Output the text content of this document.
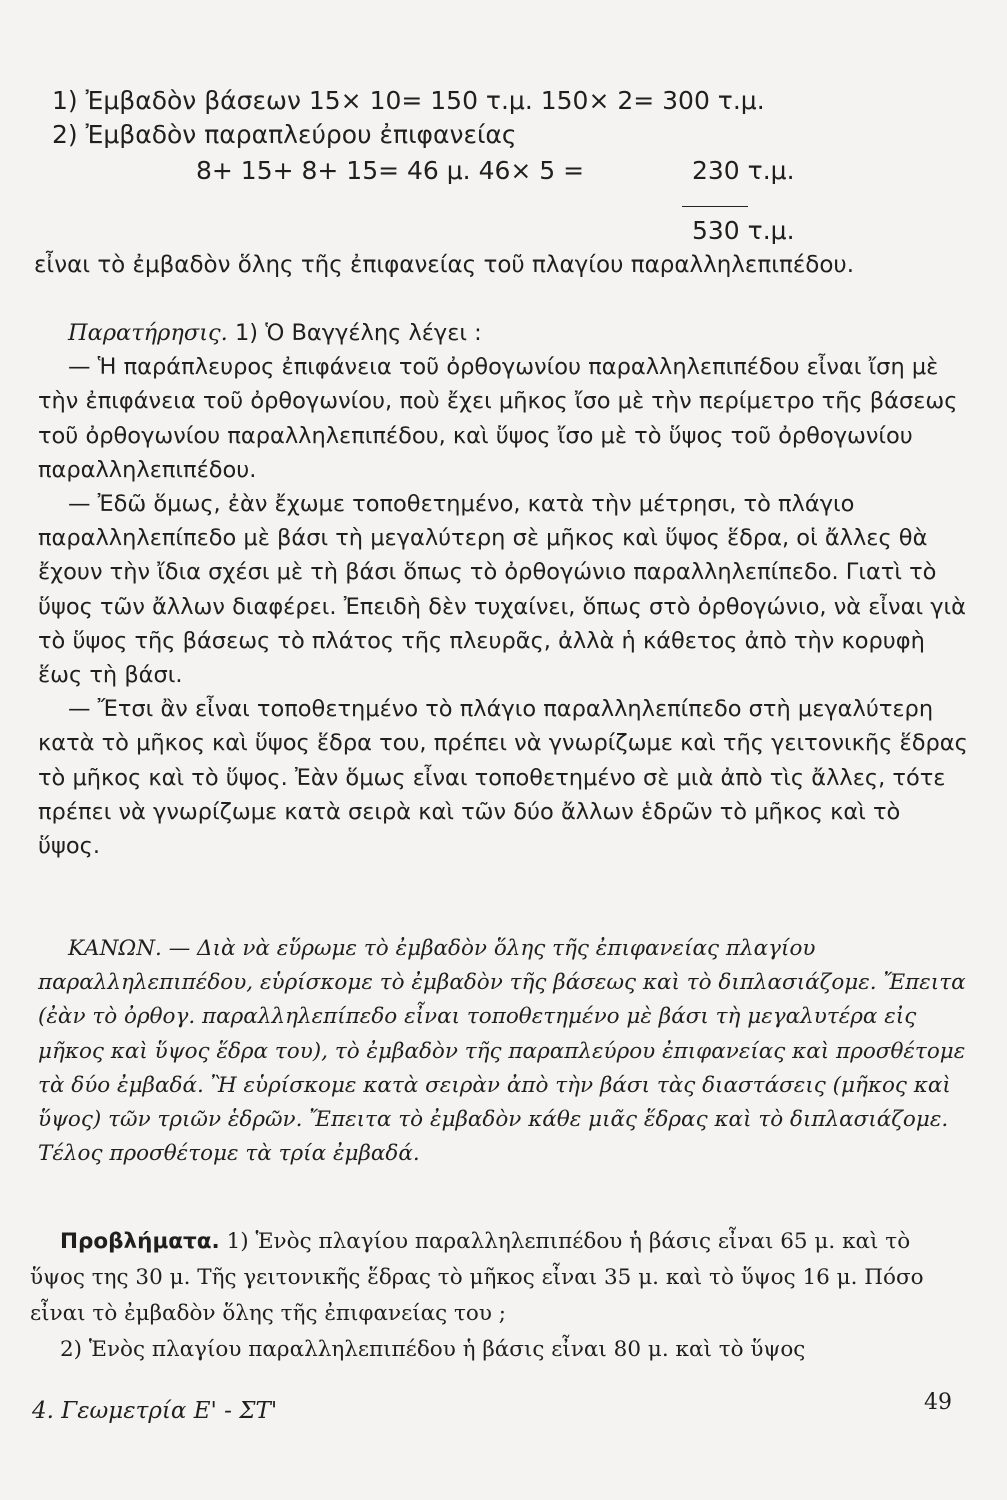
1) Ἐμβαδὸν βάσεων 15× 10= 150 τ.μ. 150× 2= 300 τ.μ.
2) Ἐμβαδὸν παραπλεύρου ἐπιφανείας
8+ 15+ 8+ 15= 46 μ. 46× 5 =	230 τ.μ.
530 τ.μ.
εἶναι τὸ ἐμβαδὸν ὅλης τῆς ἐπιφανείας τοῦ πλαγίου παραλληλεπιπέδου.

Παρατήρησις. 1) Ὁ Βαγγέλης λέγει :

— Ἡ παράπλευρος ἐπιφάνεια τοῦ ὀρθογωνίου παραλληλεπιπέδου εἶναι ἴση μὲ τὴν ἐπιφάνεια τοῦ ὀρθογωνίου, ποὺ ἔχει μῆκος ἴσο μὲ τὴν περίμετρο τῆς βάσεως τοῦ ὀρθογωνίου παραλληλεπιπέδου, καὶ ὕψος ἴσο μὲ τὸ ὕψος τοῦ ὀρθογωνίου παραλληλεπιπέδου.

— Ἐδῶ ὅμως, ἐὰν ἔχωμε τοποθετημένο, κατὰ τὴν μέτρησι, τὸ πλάγιο παραλληλεπίπεδο μὲ βάσι τὴ μεγαλύτερη σὲ μῆκος καὶ ὕψος ἕδρα, οἱ ἄλλες θὰ ἔχουν τὴν ἴδια σχέσι μὲ τὴ βάσι ὅπως τὸ ὀρθογώνιο παραλληλεπίπεδο. Γιατὶ τὸ ὕψος τῶν ἄλλων διαφέρει. Ἐπειδὴ δὲν τυχαίνει, ὅπως στὸ ὀρθογώνιο, νὰ εἶναι γιὰ τὸ ὕψος τῆς βάσεως τὸ πλάτος τῆς πλευρᾶς, ἀλλὰ ἡ κάθετος ἀπὸ τὴν κορυφὴ ἕως τὴ βάσι.

— Ἔτσι ἂν εἶναι τοποθετημένο τὸ πλάγιο παραλληλεπίπεδο στὴ μεγαλύτερη κατὰ τὸ μῆκος καὶ ὕψος ἕδρα του, πρέπει νὰ γνωρίζωμε καὶ τῆς γειτονικῆς ἕδρας τὸ μῆκος καὶ τὸ ὕψος. Ἐὰν ὅμως εἶναι τοποθετημένο σὲ μιὰ ἀπὸ τὶς ἄλλες, τότε πρέπει νὰ γνωρίζωμε κατὰ σειρὰ καὶ τῶν δύο ἄλλων ἑδρῶν τὸ μῆκος καὶ τὸ ὕψος.

ΚΑΝΩΝ. — Διὰ νὰ εὕρωμε τὸ ἐμβαδὸν ὅλης τῆς ἐπιφανείας πλαγίου παραλληλεπιπέδου, εὑρίσκομε τὸ ἐμβαδὸν τῆς βάσεως καὶ τὸ διπλασιάζομε. Ἔπειτα (ἐὰν τὸ ὀρθογ. παραλληλεπίπεδο εἶναι τοποθετημένο μὲ βάσι τὴ μεγαλυτέρα εἰς μῆκος καὶ ὕψος ἕδρα του), τὸ ἐμβαδὸν τῆς παραπλεύρου ἐπιφανείας καὶ προσθέτομε τὰ δύο ἐμβαδά. Ἢ εὑρίσκομε κατὰ σειρὰν ἀπὸ τὴν βάσι τὰς διαστάσεις (μῆκος καὶ ὕψος) τῶν τριῶν ἑδρῶν. Ἔπειτα τὸ ἐμβαδὸν κάθε μιᾶς ἕδρας καὶ τὸ διπλασιάζομε. Τέλος προσθέτομε τὰ τρία ἐμβαδά.

Προβλήματα. 1) Ἑνὸς πλαγίου παραλληλεπιπέδου ἡ βάσις εἶναι 65 μ. καὶ τὸ ὕψος της 30 μ. Τῆς γειτονικῆς ἕδρας τὸ μῆκος εἶναι 35 μ. καὶ τὸ ὕψος 16 μ. Πόσο εἶναι τὸ ἐμβαδὸν ὅλης τῆς ἐπιφανείας του ;

2) Ἑνὸς πλαγίου παραλληλεπιπέδου ἡ βάσις εἶναι 80 μ. καὶ τὸ ὕψος

4. Γεωμετρία Ε' - ΣΤ'	49
